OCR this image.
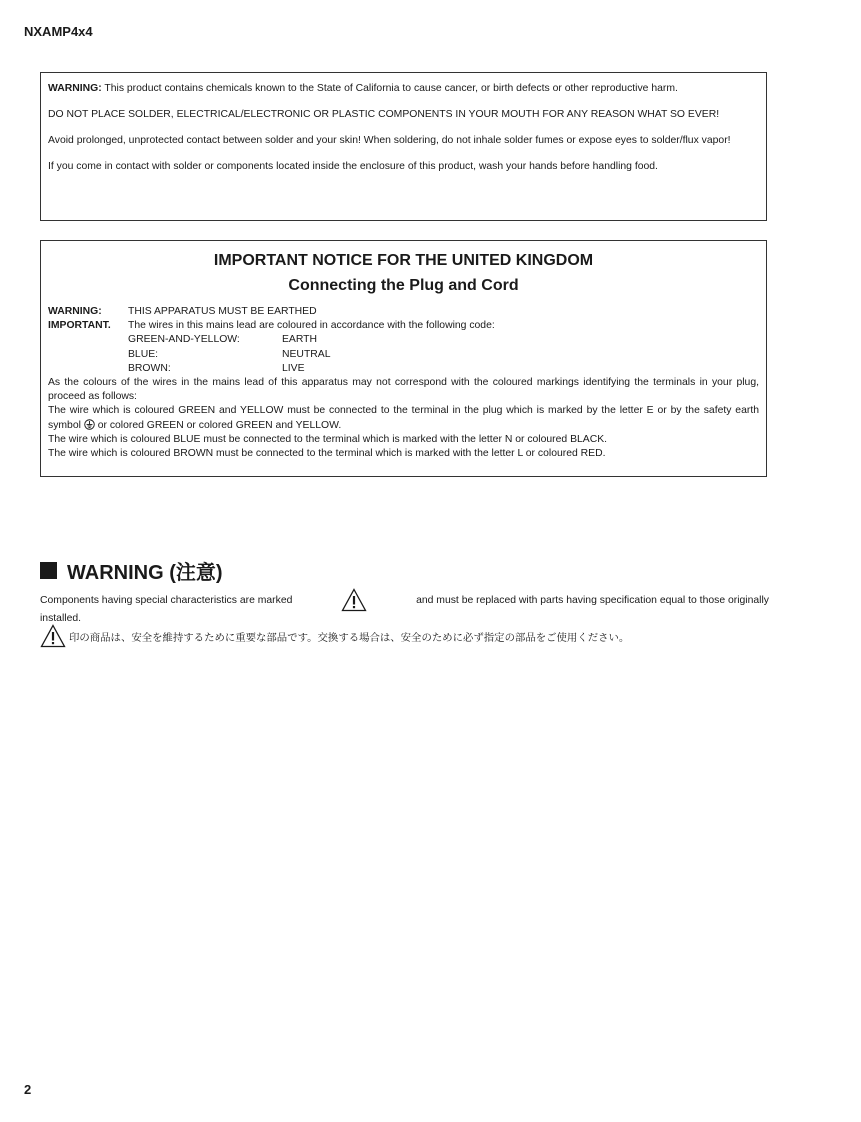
NXAMP4x4

WARNING: This product contains chemicals known to the State of California to cause cancer, or birth defects or other reproductive harm.

DO NOT PLACE SOLDER, ELECTRICAL/ELECTRONIC OR PLASTIC COMPONENTS IN YOUR MOUTH FOR ANY REASON WHAT SO EVER!

Avoid prolonged, unprotected contact between solder and your skin! When soldering, do not inhale solder fumes or expose eyes to solder/flux vapor!

If you come in contact with solder or components located inside the enclosure of this product, wash your hands before handling food.

IMPORTANT NOTICE FOR THE UNITED KINGDOM
Connecting the Plug and Cord
WARNING:	THIS APPARATUS MUST BE EARTHED
IMPORTANT.	The wires in this mains lead are coloured in accordance with the following code:
GREEN-AND-YELLOW:	EARTH
BLUE:	NEUTRAL
BROWN:	LIVE
As the colours of the wires in the mains lead of this apparatus may not correspond with the coloured markings identifying the terminals in your plug, proceed as follows:
The wire which is coloured GREEN and YELLOW must be connected to the terminal in the plug which is marked by the letter E or by the safety earth symbol  or colored GREEN or colored GREEN and YELLOW.
The wire which is coloured BLUE must be connected to the terminal which is marked with the letter N or coloured BLACK.
The wire which is coloured BROWN must be connected to the terminal which is marked with the letter L or coloured RED.
WARNING (注意)
Components having special characteristics are marked	and must be replaced with parts having specification equal to those originally
installed.
印の商品は、安全を維持するために重要な部品です。交換する場合は、安全のために必ず指定の部品をご使用ください。
2
